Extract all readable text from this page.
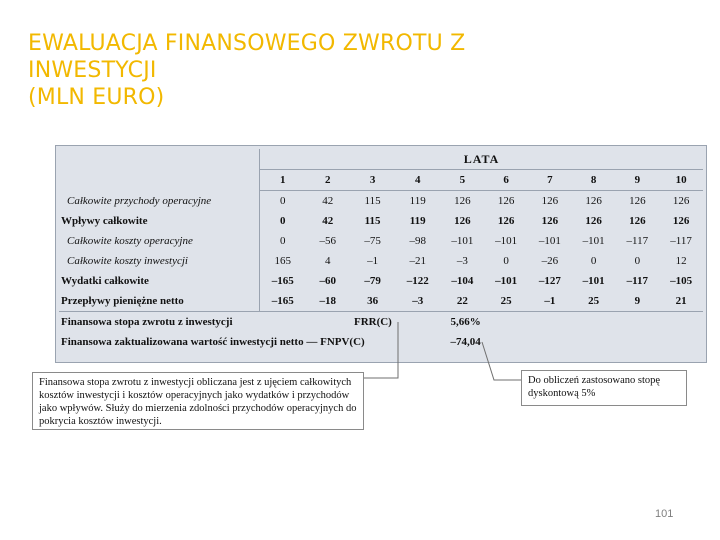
EWALUACJA FINANSOWEGO ZWROTU Z
INWESTYCJI
(MLN EURO)
	LATA									
	1	2	3	4	5	6	7	8	9	10
Całkowite przychody operacyjne	0	42	115	119	126	126	126	126	126	126
Wpływy całkowite	0	42	115	119	126	126	126	126	126	126
Całkowite koszty operacyjne	0	–56	–75	–98	–101	–101	–101	–101	–117	–117
Całkowite koszty inwestycji	165	4	–1	–21	–3	0	–26	0	0	12
Wydatki całkowite	–165	–60	–79	–122	–104	–101	–127	–101	–117	–105
Przepływy pieniężne netto	–165	–18	36	–3	22	25	–1	25	9	21
Finansowa stopa zwrotu z inwestycji		FRR(C)			5,66%					
Finansowa zaktualizowana wartość inwestycji netto — FNPV(C)					–74,04					
Finansowa stopa zwrotu z inwestycji obliczana jest z ujęciem całkowitych kosztów inwestycji i kosztów operacyjnych jako wydatków i przychodów jako wpływów. Służy do mierzenia zdolności przychodów operacyjnych do pokrycia kosztów inwestycji.
Do obliczeń zastosowano stopę dyskontową 5%
101
